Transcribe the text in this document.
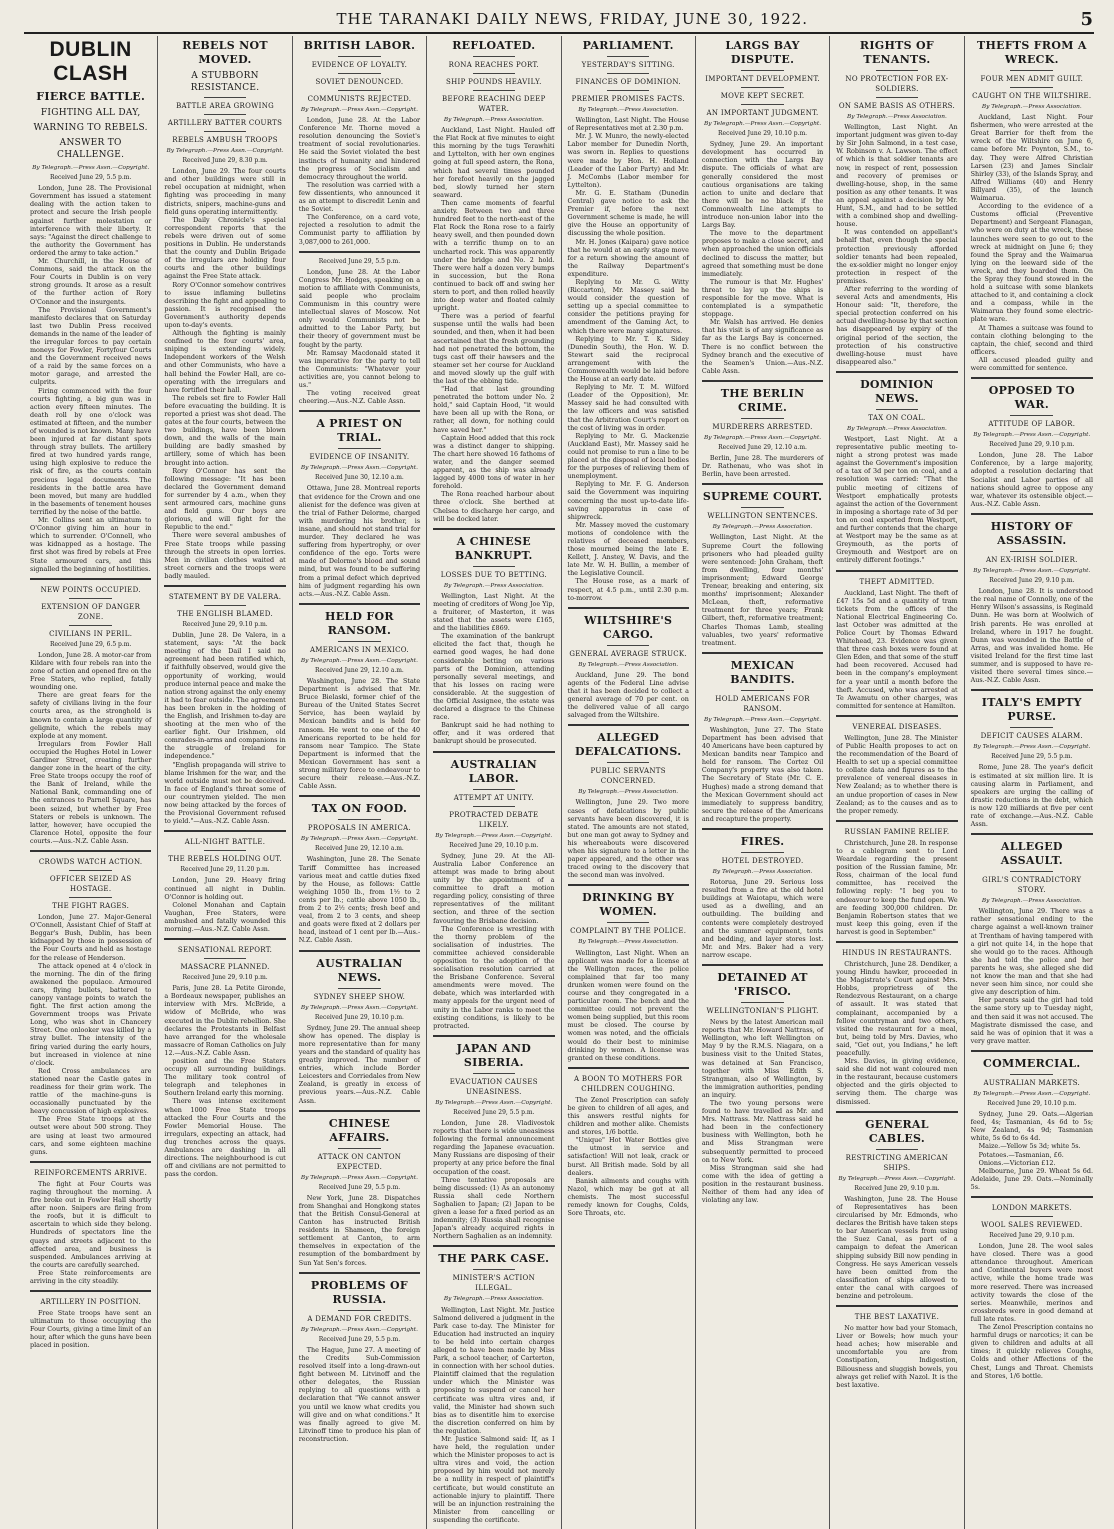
THE TARANAKI DAILY NEWS, FRIDAY, JUNE 30, 1922.	5
DUBLIN CLASH
FIERCE BATTLE.
FIGHTING ALL DAY,
WARNING TO REBELS.
ANSWER TO CHALLENGE.
By Telegraph.—Press Assn.—Copyright.
Received June 29, 5.5 p.m.

London, June 28. The Provisional Government has issued a statement dealing with the action taken to protect and secure the Irish people against further molestation or interference with their liberty. It says: "Against the direct challenge to the authority the Government has ordered the army to take action."

Mr. Churchill, in the House of Commons, said the attack on the Four Courts in Dublin is on very strong grounds. It arose as a result of the further action of Rory O'Connor and the insurgents.

The Provisional Government's manifesto declares that on Saturday last two Dublin Press received demands in the name of the leader of the irregular forces to pay certain moneys for Fowler, Fortyfour Courts and the Government received news of a raid by the same forces on a motor garage, and arrested the culprits.

Firing commenced with the four courts fighting, a big gun was in action every fifteen minutes. The death roll by one o'clock was estimated at fifteen, and the number of wounded is not known. Many have been injured at far distant spots through stray bullets. The artillery fired at two hundred yards range, using high explosive to reduce the risk of fire, as the courts contain precious legal documents. The residents in the battle area have been moved, but many are huddled in the basements of tenement houses terrified by the noise of the battle.

Mr. Collins sent an ultimatum to O'Connor giving him an hour in which to surrender. O'Connell, who was kidnapped as a hostage. The first shot was fired by rebels at Free State armoured cars, and this signalled the beginning of hostilities.

NEW POINTS OCCUPIED.
EXTENSION OF DANGER ZONE.
CIVILIANS IN PERIL.
Received June 29, 6.5 p.m.

London, June 28. A motor-car from Kildare with four rebels ran into the zone of action and opened fire on the Free Staters, who replied, fatally wounding one.

There are great fears for the safety of civilians living in the four courts area, as the stronghold is known to contain a large quantity of gelignite, which the rebels may explode at any moment.

Irregulars from Fowler Hall occupied the Hughes Hotel in Lower Gardiner Street, creating further danger zone in the heart of the city. Free State troops occupy the roof of the Bank of Ireland, while the National Bank, commanding one of the entrances to Parnell Square, has been seized, but whether by Free Staters or rebels is unknown. The latter, however, have occupied the Clarence Hotel, opposite the four courts.—Aus.-N.Z. Cable Assn.

CROWDS WATCH ACTION.
OFFICER SEIZED AS HOSTAGE.
THE FIGHT RAGES.

London, June 27. Major-General O'Connell, Assistant Chief of Staff at Beggar's Bush, Dublin, has been kidnapped by those in possession of the Four Courts and held as hostage for the release of Henderson.

The attack opened at 4 o'clock in the morning. The din of the firing awakened the populace. Armoured cars, flying bullets, battered to canopy vantage points to watch the fight. The first action among the Government troops was Private Long, who was shot in Chancery Street. One onlooker was killed by a stray bullet. The intensity of the firing varied during the early hours, but increased in violence at nine o'clock.

Red Cross ambulances are stationed near the Castle gates in readiness for their grim work. The rattle of the machine-guns is occasionally punctuated by the heavy concussion of high explosives.

The Free State troops at the outset were about 500 strong. They are using at least two armoured cars, and some eighteen machine guns.

REINFORCEMENTS ARRIVE.

The fight at Four Courts was raging throughout the morning. A fire broke out in Fowler Hall shortly after noon. Snipers are firing from the roofs, but it is difficult to ascertain to which side they belong. Hundreds of spectators line the quays and streets adjacent to the affected area, and business is suspended. Ambulances arriving at the courts are carefully searched.

Free State reinforcements are arriving in the city steadily.

ARTILLERY IN POSITION.

Free State troops have sent an ultimatum to those occupying the Four Courts, giving a time limit of an hour, after which the guns have been placed in position.

REBELS NOT MOVED.
A STUBBORN RESISTANCE.
BATTLE AREA GROWING
ARTILLERY BATTER COURTS
REBELS AMBUSH TROOPS
By Telegraph.—Press Assn.—Copyright.
Received June 29, 8.30 p.m.

London, June 29. The four courts and other buildings were still in rebel occupation at midnight, when fighting was proceeding in many districts, snipers, machine-guns and field guns operating intermittently.

The Daily Chronicle's special correspondent reports that the rebels were driven out of some positions in Dublin. He understands that the county and Dublin Brigade of the irregulars are holding four courts and the other buildings against the Free State attack.

Rory O'Connor somehow contrives to issue inflaming bulletins describing the fight and appealing to passion. It is recognised the Government's authority depends upon to-day's events.

Although the fighting is mainly confined to the four courts' area, sniping is extending widely. Independent workers of the Welsh and other Communists, who have a hall behind the Fowler Hall, are co-operating with the irregulars and have fortified their hall.

The rebels set fire to Fowler Hall before evacuating the building. It is reported a priest was shot dead. The gates at the four courts, between the two buildings, have been blown down, and the walls of the main building are badly smashed by artillery, some of which has been brought into action.

Rory O'Connor has sent the following message: "It has been declared the Government demand for surrender by 4 a.m., when they sent armoured cars, machine guns and field guns. Our boys are glorious, and will fight for the Republic to the end."

There were several ambushes of Free State troops while passing through the streets in open lorries. Men in civilian clothes waited at street corners and the troops were badly mauled.

STATEMENT BY DE VALERA.
THE ENGLISH BLAMED.
Received June 29, 9.10 p.m.

Dublin, June 28. De Valera, in a statement, says: "At the back meeting of the Dail I said no agreement had been ratified which, if faithfully observed, would give the opportunity of working, would produce internal peace and make the nation strong against the only enemy it had to fear outside. The agreement has been broken in the holding of the English, and Irishmen to-day are shooting at the men who of the earlier fight. Our Irishmen, old comrades-in-arms and companions in the struggle of Ireland for independence."

"English propaganda will strive to blame Irishmen for the war, and the world outside must not be deceived. In face of England's threat some of our countrymen yielded. The men now being attacked by the forces of the Provisional Government refused to yield."—Aus.-N.Z. Cable Assn.

ALL-NIGHT BATTLE.
THE REBELS HOLDING OUT.
Received June 29, 11.20 p.m.

London, June 29. Heavy firing continued all night in Dublin. O'Connor is holding out.

Colonel Monahan and Captain Vaughan, Free Staters, were ambushed and fatally wounded this morning.—Aus.-N.Z. Cable Assn.

SENSATIONAL REPORT.
MASSACRE PLANNED.
Received June 29, 9.10 p.m.

Paris, June 28. La Petite Gironde, a Bordeaux newspaper, publishes an interview with Mrs. McBride, a widow of McBride, who was executed in the Dublin rebellion. She declares the Protestants in Belfast have arranged for the wholesale massacre of Roman Catholics on July 12.—Aus.-N.Z. Cable Assn.

position and the Free Staters occupy all surrounding buildings. The military took control of telegraph and telephones in Southern Ireland early this morning.

There was intense excitement when 1000 Free State troops attacked the Four Courts and the Fowler Memorial House. The irregulars, expecting an attack, had dug trenches across the quays. Ambulances are dashing in all directions. The neighbourhood is cut off and civilians are not permitted to pass the cordon.

BRITISH LABOR.
EVIDENCE OF LOYALTY.
SOVIET DENOUNCED.
COMMUNISTS REJECTED.
By Telegraph.—Press Assn.—Copyright.

London, June 28. At the Labor Conference Mr. Thorne moved a resolution denouncing the Soviet's treatment of social revolutionaries. He said the Soviet violated the best instincts of humanity and hindered the progress of Socialism and democracy throughout the world.

The resolution was carried with a few dissentients, who announced it as an attempt to discredit Lenin and the Soviet.

The Conference, on a card vote, rejected a resolution to admit the Communist party to affiliation by 3,087,000 to 261,000.

Received June 29, 5.5 p.m.

London, June 28. At the Labor Congress Mr. Hodges, speaking on a motion to affiliate with Communists, said people who proclaim Communism in this country were intellectual slaves of Moscow. Not only would Communists not be admitted to the Labor Party, but their theory of government must be fought by the party.

Mr. Ramsay Macdonald stated it was imperative for the party to tell the Communists: "Whatever your activities are, you cannot belong to us."

The voting received great cheering.—Aus.-N.Z. Cable Assn.

A PRIEST ON TRIAL.
EVIDENCE OF INSANITY.
By Telegraph.—Press Assn.—Copyright.
Received June 30, 12.10 a.m.

Ottawa, June 28. Montreal reports that evidence for the Crown and one alienist for the defence was given at the trial of Father Delorme, charged with murdering his brother, is insane, and should not stand trial for murder. They declared he was suffering from hypertrophy, or over confidence of the ego. Torts were made of Delorme's blood and sound mind, but was found to be suffering from a primal defect which deprived him of judgment regarding his own acts.—Aus.-N.Z. Cable Assn.

HELD FOR RANSOM.
AMERICANS IN MEXICO.
By Telegraph.—Press Assn.—Copyright.
Received June 29, 12.10 a.m.

Washington, June 28. The State Department is advised that Mr. Bruce Bielaski, former chief of the Bureau of the United States Secret Service, has been waylaid by Mexican bandits and is held for ransom. He went to one of the 40 Americans reported to be held for ransom near Tampico. The State Department is informed that the Mexican Government has sent a strong military force to endeavour to secure their release.—Aus.-N.Z. Cable Assn.

TAX ON FOOD.
PROPOSALS IN AMERICA.
By Telegraph.—Press Assn.—Copyright.
Received June 29, 12.10 a.m.

Washington, June 28. The Senate Tariff Committee has increased various meat and cattle duties fixed by the House, as follows: Cattle weighing 1050 lb., from 1½ to 2 cents per lb.; cattle above 1050 lb., from 2 to 2½ cents; fresh beef and veal, from 2 to 3 cents, and sheep and goats were fixed at 2 dollars per head, instead of 1 cent per lb.—Aus.-N.Z. Cable Assn.

AUSTRALIAN NEWS.
SYDNEY SHEEP SHOW.
By Telegraph.—Press Assn.—Copyright.
Received June 29, 10.10 p.m.

Sydney, June 29. The annual sheep show has opened. The display is more representative than for many years and the standard of quality has greatly improved. The number of entries, which include Border Leicesters and Corriedales from New Zealand, is greatly in excess of previous years.—Aus.-N.Z. Cable Assn.

CHINESE AFFAIRS.
ATTACK ON CANTON EXPECTED.
By Telegraph.—Press Assn.—Copyright.
Received June 29, 5.5 p.m.

New York, June 28. Dispatches from Shanghai and Hongkong states that the British Consul-General at Canton has instructed British residents in Shameen, the foreign settlement at Canton, to arm themselves in expectation of the resumption of the bombardment by Sun Yat Sen's forces.

PROBLEMS OF RUSSIA.
A DEMAND FOR CREDITS.
By Telegraph.—Press Assn.—Copyright.
Received June 29, 5.5 p.m.

The Hague, June 27. A meeting of the Credits Sub-Commission resolved itself into a long-drawn-out fight between M. Litvinoff and the other delegates, the Russian replying to all questions with a declaration that "We cannot answer you until we know what credits you will give and on what conditions." It was finally agreed to give M. Litvinoff time to produce his plan of reconstruction.

REFLOATED.
RONA REACHES PORT.
SHIP POUNDS HEAVILY.
BEFORE REACHING DEEP WATER.
By Telegraph.—Press Association.

Auckland, Last Night. Hauled off the Flat Rock at five minutes to eight this morning by the tugs Terawhiti and Lyttelton, with her own engines going at full speed astern, the Rona, which had several times pounded her forefoot heavily on the jagged bed, slowly turned her stern seaward.

Then came moments of fearful anxiety. Between two and three hundred feet to the north-east of the Flat Rock the Rona rose to a fairly heavy swell, and then pounded down with a terrific thump on to an uncharted rock. This was apparently under the bridge and No. 2 hold. There were half a dozen very bumps in succession, but the Rona continued to back off and swing her stern to port, and then rolled heavily into deep water and floated calmly upright.

There was a period of fearful suspense until the walls had been sounded, and then, when it had been ascertained that the fresh grounding had not penetrated the bottom, the tugs cast off their hawsers and the steamer set her course for Auckland and moved slowly up the gulf with the last of the ebbing tide.

"Had that last grounding penetrated the bottom under No. 2 hold," said Captain Hood, "it would have been all up with the Rona, or rather, all down, for nothing could have saved her."

Captain Hood added that this rock was a distinct danger to shipping. The chart here showed 16 fathoms of water, and the danger seemed apparent, as the ship was already lagged by 4000 tons of water in her forehold.

The Rona reached harbour about three o'clock. She berthed at Chelsea to discharge her cargo, and will be docked later.

A CHINESE BANKRUPT.
LOSSES DUE TO BETTING.
By Telegraph.—Press Association.

Wellington, Last Night. At the meeting of creditors of Wong Joe Yip, a fruiterer, of Masterton, it was stated that the assets were £165, and the liabilities £869.

The examination of the bankrupt elicited the fact that, though he earned good wages, he had done considerable betting on various parts of the Dominion, attending personally several meetings, and that his losses on racing were considerable. At the suggestion of the Official Assignee, the estate was declared a disgrace to the Chinese race.

Bankrupt said he had nothing to offer, and it was ordered that bankrupt should be prosecuted.

AUSTRALIAN LABOR.
ATTEMPT AT UNITY.
PROTRACTED DEBATE LIKELY.
By Telegraph.—Press Assn.—Copyright.
Received June 29, 10.10 p.m.

Sydney, June 29. At the All-Australia Labor Conference an attempt was made to bring about unity by the appointment of a committee to draft a motion regarding policy, consisting of three representatives of the militant section, and three of the section favouring the Brisbane decision.

The Conference is wrestling with the thorny problem of the socialisation of industries. The committee achieved considerable opposition to the adoption of the socialisation resolution carried at the Brisbane Conference. Several amendments were moved. The debate, which was interlarded with many appeals for the urgent need of unity in the Labor ranks to meet the existing conditions, is likely to be protracted.

JAPAN AND SIBERIA.
EVACUATION CAUSES UNEASINESS.
By Telegraph.—Press Assn.—Copyright.
Received June 29, 5.5 p.m.

London, June 28. Vladivostok reports that there is wide uneasiness following the formal announcement regarding the Japanese evacuation. Many Russians are disposing of their property at any price before the final occupation of the coast.

Three tentative proposals are being discussed: (1) As an autonomy Russia shall cede Northern Saghalien to Japan; (2) Japan to be given a lease for a fixed period as an indemnity; (3) Russia shall recognise Japan's already acquired rights in Northern Saghalien as an indemnity.

THE PARK CASE.
MINISTER'S ACTION ILLEGAL.
By Telegraph.—Press Association.

Wellington, Last Night. Mr. Justice Salmond delivered a judgment in the Park case to-day. The Minister for Education had instructed an inquiry to be held into certain charges alleged to have been made by Miss Park, a school teacher, of Carterton, in connection with her school duties. Plaintiff claimed that the regulation under which the Minister was proposing to suspend or cancel her certificate was ultra vires and, if valid, the Minister had shown such bias as to disentitle him to exercise the discretion conferred on him by the regulation.

Mr. Justice Salmond said: If, as I have held, the regulation under which the Minister proposes to act is ultra vires and void, the action proposed by him would not merely be a nullity in respect of plaintiff's certificate, but would constitute an actionable injury to plaintiff. There will be an injunction restraining the Minister from cancelling or suspending the certificate.

PARLIAMENT.
YESTERDAY'S SITTING.
FINANCES OF DOMINION.
PREMIER PROMISES FACTS.
By Telegraph.—Press Association.

Wellington, Last Night. The House of Representatives met at 2.30 p.m.

Mr. J. W. Munro, the newly-elected Labor member for Dunedin North, was sworn in. Replies to questions were made by Hon. H. Holland (Leader of the Labor Party) and Mr. J. McCombs (Labor member for Lyttelton).

Mr. G. E. Statham (Dunedin Central) gave notice to ask the Premier if, before the next Government scheme is made, he will give the House an opportunity of discussing the whole position.

Mr. H. Jones (Kaipara) gave notice that he would at an early stage move for a return showing the amount of the Railway Department's expenditure.

Replying to Mr. G. Witty (Riccarton), Mr. Massey said he would consider the question of setting up a special committee to consider the petitions praying for amendment of the Gaming Act, to which there were many signatures.

Replying to Mr. T. K. Sidey (Dunedin South), the Hon. W. D. Stewart said the reciprocal arrangement with the Commonwealth would be laid before the House at an early date.

Replying to Mr. T. M. Wilford (Leader of the Opposition), Mr. Massey said he had consulted with the law officers and was satisfied that the Arbitration Court's report on the cost of living was in order.

Replying to Mr. G. Mackenzie (Auckland East), Mr. Massey said he could not promise to run a line to be placed at the disposal of local bodies for the purposes of relieving them of unemployment.

Replying to Mr. F. G. Anderson said the Government was inquiring concerning the most up-to-date life-saving apparatus in case of shipwreck.

Mr. Massey moved the customary motions of condolence with the relatives of deceased members, those mourned being the late E. Kellett, J. Anstey, W. Davis, and the late Mr. W. H. Bullin, a member of the Legislative Council.

The House rose, as a mark of respect, at 4.5 p.m., until 2.30 p.m. to-morrow.

WILTSHIRE'S CARGO.
GENERAL AVERAGE STRUCK.
By Telegraph.—Press Association.

Auckland, June 29. The bond agents of the Federal Line advise that it has been decided to collect a general average of 70 per cent. on the delivered value of all cargo salvaged from the Wiltshire.

ALLEGED DEFALCATIONS.
PUBLIC SERVANTS CONCERNED.
By Telegraph.—Press Association.

Wellington, June 29. Two more cases of defalcations by public servants have been discovered, it is stated. The amounts are not stated, but one man got away to Sydney and his whereabouts were discovered when his signature to a letter in the paper appeared, and the other was traced owing to the discovery that the second man was involved.

DRINKING BY WOMEN.
COMPLAINT BY THE POLICE.
By Telegraph.—Press Association.

Wellington, Last Night. When an applicant was made for a license at the Wellington races, the police complained that far too many drunken women were found on the course and they congregated in a particular room. The bench and the committee could not prevent the women being supplied, but this room must be closed. The course by women was noted, and the officials would do their best to minimise drinking by women. A license was granted on these conditions.

A BOON TO MOTHERS FOR CHILDREN COUGHING.

The Zenol Prescription can safely be given to children of all ages, and this answers restful nights for children and mother alike. Chemists and stores, 1/6 bottle.

"Unique" Hot Water Bottles give the utmost in service and satisfaction! Will not leak, crack or burst. All British made. Sold by all dealers.

Banish ailments and coughs with Nazol, which may be got at all chemists. The most successful remedy known for Coughs, Colds, Sore Throats, etc.

LARGS BAY DISPUTE.
IMPORTANT DEVELOPMENT.
MOVE KEPT SECRET.
AN IMPORTANT JUDGMENT.
By Telegraph.—Press Assn.—Copyright.
Received June 29, 10.10 p.m.

Sydney, June 29. An important development has occurred in connection with the Largs Bay dispute. The officials of what are generally considered the most cautious organisations are taking action to unite and declare that there will be no black if the Commonwealth Line attempts to introduce non-union labor into the Largs Bay.

The move to the department proposes to make a close secret, and when approached the union officials declined to discuss the matter, but agreed that something must be done immediately.

The rumour is that Mr. Hughes' threat to lay up the ships is responsible for the move. What is contemplated is a sympathetic stoppage.

Mr. Walsh has arrived. He denies that his visit is of any significance as far as the Largs Bay is concerned. There is no conflict between the Sydney branch and the executive of the Seamen's Union.—Aus.-N.Z. Cable Assn.

THE BERLIN CRIME.
MURDERERS ARRESTED.
By Telegraph.—Press Assn.—Copyright.
Received June 29, 12.10 a.m.

Berlin, June 28. The murderers of Dr. Rathenau, who was shot in Berlin, have been arrested.

SUPREME COURT.
WELLINGTON SENTENCES.
By Telegraph.—Press Association.

Wellington, Last Night. At the Supreme Court the following prisoners who had pleaded guilty were sentenced: John Graham, theft from dwelling, four months' imprisonment; Edward George Trenear, breaking and entering, six months' imprisonment; Alexander McLean, theft, reformative treatment for three years; Frank Gilbert, theft, reformative treatment; Charles Thomas Lamb, stealing valuables, two years' reformative treatment.

MEXICAN BANDITS.
HOLD AMERICANS FOR RANSOM.
By Telegraph.—Press Assn.—Copyright.

Washington, June 27. The State Department has been advised that 40 Americans have been captured by Mexican bandits near Tampico and held for ransom. The Cortez Oil Company's property was also taken. The Secretary of State (Mr. C. E. Hughes) made a strong demand that the Mexican Government should act immediately to suppress banditry, secure the release of the Americans and recapture the property.

FIRES.
HOTEL DESTROYED.
By Telegraph.—Press Association.

Rotorua, June 29. Serious loss resulted from a fire at the old hotel buildings at Waiotapu, which were used as a dwelling, and an outbuilding. The building and contents were completely destroyed and the summer equipment, tents and bedding, and layer stores lost. Mr. and Mrs. Baker had a very narrow escape.

DETAINED AT 'FRISCO.
WELLINGTONIAN'S PLIGHT.

News by the latest American mail reports that Mr. Howard Nattrass, of Wellington, who left Wellington on May 9 by the R.M.S. Niagara, on a business visit to the United States, was detained at San Francisco, together with Miss Edith S. Strangman, also of Wellington, by the immigration authorities, pending an inquiry.

The two young persons were found to have travelled as Mr. and Mrs. Nattrass. Mr. Nattrass said he had been in the confectionery business with Wellington, both he and Miss Strangman were subsequently permitted to proceed on to New York.

Miss Strangman said she had come with the idea of getting a position in the restaurant business. Neither of them had any idea of violating any law.

RIGHTS OF TENANTS.
NO PROTECTION FOR EX-SOLDIERS.
ON SAME BASIS AS OTHERS.
By Telegraph.—Press Association.

Wellington, Last Night. An important judgment was given to-day by Sir John Salmond, in a test case, W. Robinson v. A. Lawson. The effect of which is that soldier tenants are now, in respect of rent, possession and recovery of premises or dwelling-house, shop, in the same position as any other tenants. It was an appeal against a decision by Mr. Hunt, S.M., and had to be settled with a combined shop and dwelling-house.

It was contended on appellant's behalf that, even though the special protection previously afforded soldier tenants had been repealed, the ex-soldier might no longer enjoy protection in respect of the premises.

After referring to the wording of several Acts and amendments, His Honour said: "It, therefore, the special protection conferred on his actual dwelling-house by that section has disappeared by expiry of the original period of the section, the protection of his constructive dwelling-house must have disappeared also."

DOMINION NEWS.
TAX ON COAL.
By Telegraph.—Press Association.

Westport, Last Night. At a representative public meeting to-night a strong protest was made against the Government's imposition of a tax of 3d per ton on coal, and a resolution was carried: "That the public meeting of citizens of Westport emphatically protests against the action of the Government in imposing a shortage rate of 3d per ton on coal exported from Westport, and further contends that the charge at Westport may be the same as at Greymouth, as the ports of Greymouth and Westport are on entirely different footings."

THEFT ADMITTED.

Auckland, Last Night. The theft of £47 15s 5d and a quantity of tram tickets from the offices of the National Electrical Engineering Co. last October was admitted at the Police Court by Thomas Edward Whitehead, 23. Evidence was given that three cash boxes were found at Glen Eden, and that some of the stuff had been recovered. Accused had been in the company's employment for a year until a month before the theft. Accused, who was arrested at Te Awamutu on other charges, was committed for sentence at Hamilton.

VENEREAL DISEASES.

Wellington, June 28. The Minister of Public Health proposes to act on the recommendation of the Board of Health to set up a special committee to collate data and figures as to the prevalence of venereal diseases in New Zealand; as to whether there is an undue proportion of cases in New Zealand; as to the causes and as to the proper remedy.

RUSSIAN FAMINE RELIEF.

Christchurch, June 28. In response to a cablegram sent to Lord Weardale regarding the present position of the Russian famine, Mr. Ross, chairman of the local fund committee, has received the following reply: "I beg you to endeavour to keep the fund open. We are feeding 300,000 children. Dr. Benjamin Robertson states that we must keep this going, even if the harvest is good in September."

HINDUS IN RESTAURANTS.

Christchurch, June 28. Dendiker, a young Hindu hawker, proceeded in the Magistrate's Court against Mrs. Hobbs, proprietress of the Rendezvous Restaurant, on a charge of assault. It was stated that complainant, accompanied by a fellow countryman and two others, visited the restaurant for a meal, but, being told by Mrs. Davies, who said, "Get out, you Indians," he left peacefully.

Mrs. Davies, in giving evidence, said she did not want coloured men in the restaurant, because customers objected and the girls objected to serving them. The charge was dismissed.

GENERAL CABLES.
RESTRICTING AMERICAN SHIPS.
By Telegraph.—Press Assn.—Copyright.
Received June 29, 9.10 p.m.

Washington, June 28. The House of Representatives has been circularised by Mr. Edmonds, who declares the British have taken steps to bar American vessels from using the Suez Canal, as part of a campaign to defeat the American shipping subsidy Bill now pending in Congress. He says American vessels have been omitted from the classification of ships allowed to enter the canal with cargoes of benzine and petroleum.

THE BEST LAXATIVE.

No matter how bad your Stomach, Liver or Bowels; how much your head aches; how miserable and uncomfortable you are from Constipation, Indigestion, Biliousness and sluggish bowels, you always get relief with Nazol. It is the best laxative.

THEFTS FROM A WRECK.
FOUR MEN ADMIT GUILT.
CAUGHT ON THE WILTSHIRE.
By Telegraph.—Press Association.

Auckland, Last Night. Four fishermen, who were arrested at the Great Barrier for theft from the wreck of the Wiltshire on June 6, came before Mr. Poynton, S.M., to-day. They were Alfred Christian Larsen (23) and James Sinclair Shirley (33), of the Islands Spray, and Alfred Williams (40) and Henry Billyard (35), of the launch Waimarua.

According to the evidence of a Customs official (Preventive Department) and Sergeant Flanagan, who were on duty at the wreck, these launches were seen to go out to the wreck at midnight on June 6; they found the Spray and the Waimarua lying on the leeward side of the wreck, and they boarded them. On the Spray they found stowed in the hold a suitcase with some blankets attached to it, and containing a clock and a compass, while in the Waimarua they found some electric-plate ware.

At Thames a suitcase was found to contain clothing belonging to the captain, the chief, second and third officers.

All accused pleaded guilty and were committed for sentence.

OPPOSED TO WAR.
ATTITUDE OF LABOR.
By Telegraph.—Press Assn.—Copyright.
Received June 29, 9.10 p.m.

London, June 28. The Labor Conference, by a large majority, adopted a resolution declaring that Socialist and Labor parties of all nations should agree to oppose any war, whatever its ostensible object.—Aus.-N.Z. Cable Assn.

HISTORY OF ASSASSIN.
AN EX-IRISH SOLDIER.
By Telegraph.—Press Assn.—Copyright.
Received June 29, 9.10 p.m.

London, June 28. It is understood the real name of Connolly, one of the Henry Wilson's assassins, is Reginald Dunn. He was born at Woolwich of Irish parents. He was enrolled at Ireland, where in 1917 he fought. Dunn was wounded in the Battle of Arras, and was invalided home. He visited Ireland for the first time last summer, and is supposed to have re-visited there several times since.—Aus.-N.Z. Cable Assn.

ITALY'S EMPTY PURSE.
DEFICIT CAUSES ALARM.
By Telegraph.—Press Assn.—Copyright.
Received June 29, 5.5 p.m.

Rome, June 28. The year's deficit is estimated at six million lire. It is causing alarm in Parliament, and speakers are urging the calling of drastic reductions in the debt, which is now 120 milliards at five per cent rate of exchange.—Aus.-N.Z. Cable Assn.

ALLEGED ASSAULT.
GIRL'S CONTRADICTORY STORY.
By Telegraph.—Press Association.

Wellington, June 29. There was a rather sensational ending to the charge against a well-known trainer at Trentham of having tampered with a girl not quite 14, in the hope that she would go to the races. Although she had told the police and her parents he was, she alleged she did not know the man and that she had never seen him since, nor could she give any description of him.

Her parents said the girl had told the same story up to Tuesday night, and then said it was not accused. The Magistrate dismissed the case, and said he was of opinion that it was a very grave matter.

COMMERCIAL.
AUSTRALIAN MARKETS.
By Telegraph.—Press Assn.—Copyright.
Received June 29, 10.10 p.m.

Sydney, June 29. Oats.—Algerian feed, 4s; Tasmanian, 4s 6d to 5s; New Zealand, 4s 9d; Tasmanian white, 5s 6d to 6s 4d.

Maize.—Yellow 5s 3d; white 5s.

Potatoes.—Tasmanian, £6.

Onions.—Victorian £12.

Melbourne, June 29. Wheat 5s 6d. Adelaide, June 29. Oats.—Nominally 5s.

LONDON MARKETS.
WOOL SALES REVIEWED.
Received June 29, 9.10 p.m.

London, June 28. The wool sales have closed. There was a good attendance throughout. American and Continental buyers were most active, while the home trade was more reserved. There was increased activity towards the close of the series. Meanwhile, merinos and crossbreds were in good demand at full late rates.

The Zenol Prescription contains no harmful drugs or narcotics; it can be given to children and adults at all times; it quickly relieves Coughs, Colds and other Affections of the Chest, Lungs and Throat. Chemists and Stores, 1/6 bottle.
